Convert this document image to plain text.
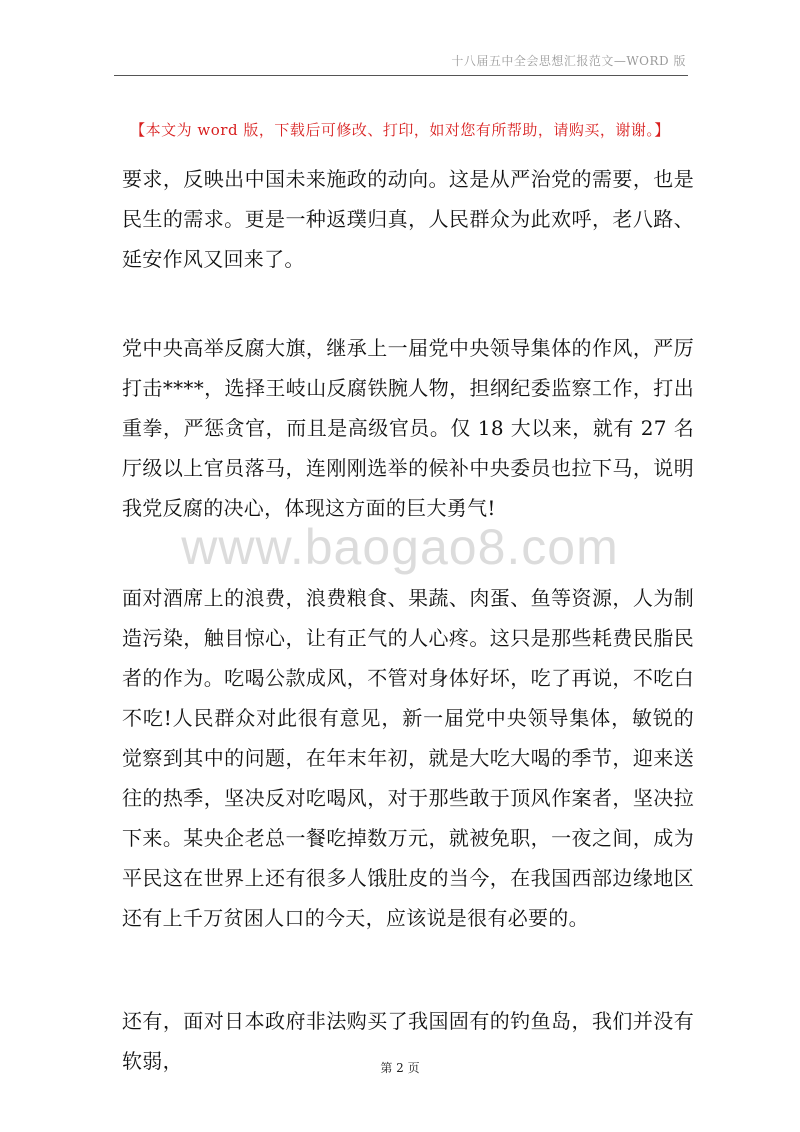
十八届五中全会思想汇报范文—WORD 版
【本文为 word 版，下载后可修改、打印，如对您有所帮助，请购买，谢谢。】

要求，反映出中国未来施政的动向。这是从严治党的需要，也是民生的需求。更是一种返璞归真，人民群众为此欢呼，老八路、延安作风又回来了。

党中央高举反腐大旗，继承上一届党中央领导集体的作风，严厉打击****，选择王岐山反腐铁腕人物，担纲纪委监察工作，打出重拳，严惩贪官，而且是高级官员。仅 18 大以来，就有 27 名厅级以上官员落马，连刚刚选举的候补中央委员也拉下马，说明我党反腐的决心，体现这方面的巨大勇气!

www.baogao8.com

面对酒席上的浪费，浪费粮食、果蔬、肉蛋、鱼等资源，人为制造污染，触目惊心，让有正气的人心疼。这只是那些耗费民脂民者的作为。吃喝公款成风，不管对身体好坏，吃了再说，不吃白不吃!人民群众对此很有意见，新一届党中央领导集体，敏锐的觉察到其中的问题，在年末年初，就是大吃大喝的季节，迎来送往的热季，坚决反对吃喝风，对于那些敢于顶风作案者，坚决拉下来。某央企老总一餐吃掉数万元，就被免职，一夜之间，成为平民这在世界上还有很多人饿肚皮的当今，在我国西部边缘地区还有上千万贫困人口的今天，应该说是很有必要的。

还有，面对日本政府非法购买了我国固有的钓鱼岛，我们并没有软弱，	第 2 页
